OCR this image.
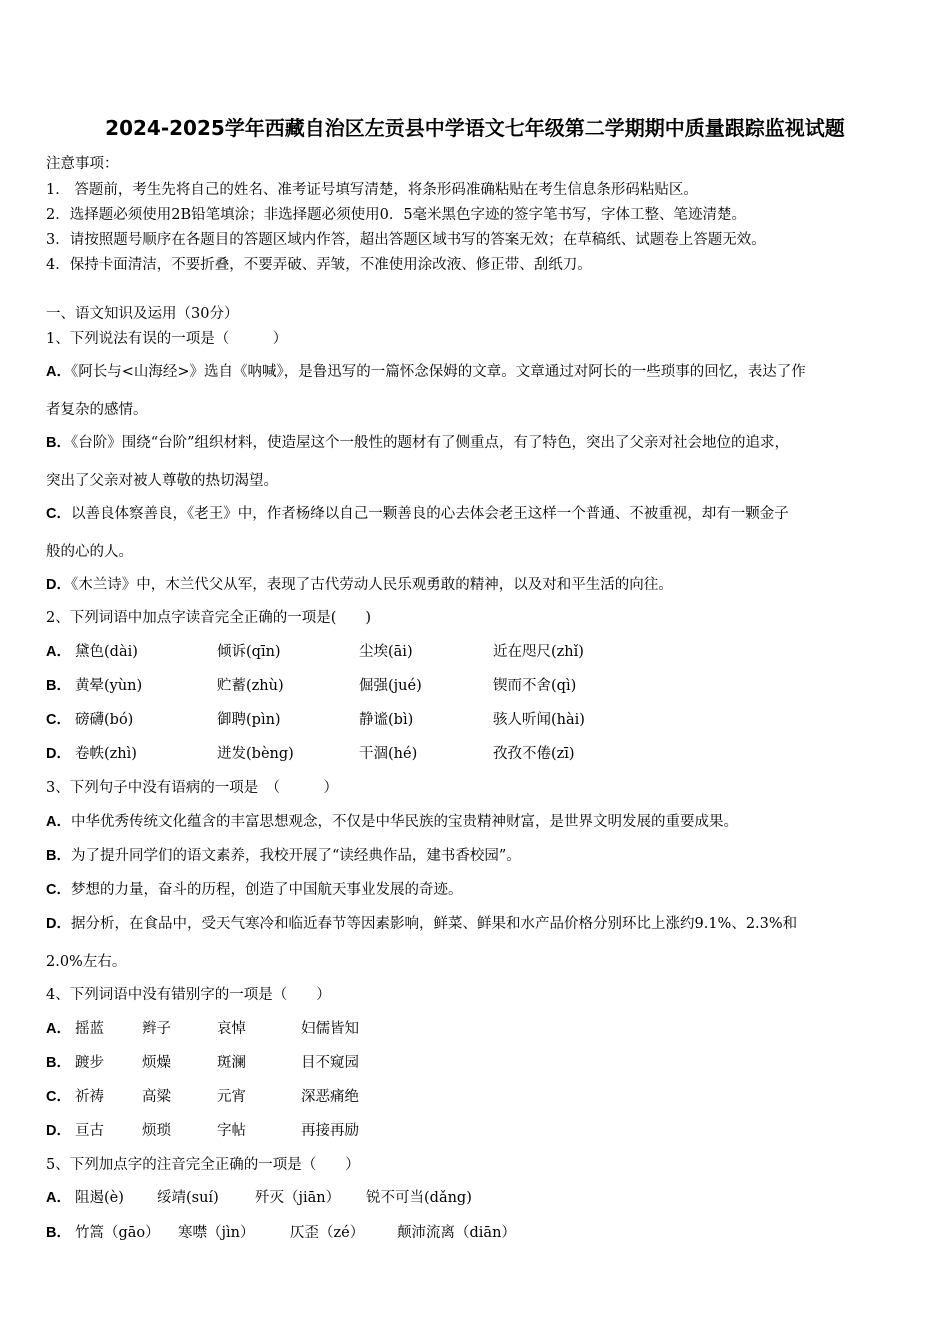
2024-2025学年西藏自治区左贡县中学语文七年级第二学期期中质量跟踪监视试题
注意事项：
1． 答题前，考生先将自己的姓名、准考证号填写清楚，将条形码准确粘贴在考生信息条形码粘贴区。
2．选择题必须使用2B铅笔填涂；非选择题必须使用0．5毫米黑色字迹的签字笔书写，字体工整、笔迹清楚。
3．请按照题号顺序在各题目的答题区域内作答，超出答题区域书写的答案无效；在草稿纸、试题卷上答题无效。
4．保持卡面清洁，不要折叠，不要弄破、弄皱，不准使用涂改液、修正带、刮纸刀。
一、语文知识及运用（30分）
1、下列说法有误的一项是（　　　）
A．《阿长与<山海经>》选自《呐喊》，是鲁迅写的一篇怀念保姆的文章。文章通过对阿长的一些琐事的回忆，表达了作
者复杂的感情。
B．《台阶》围绕“台阶”组织材料，使造屋这个一般性的题材有了侧重点，有了特色，突出了父亲对社会地位的追求，
突出了父亲对被人尊敬的热切渴望。
C．以善良体察善良，《老王》中，作者杨绛以自己一颗善良的心去体会老王这样一个普通、不被重视，却有一颗金子
般的心的人。
D．《木兰诗》中，木兰代父从军，表现了古代劳动人民乐观勇敢的精神，以及对和平生活的向往。
2、下列词语中加点字读音完全正确的一项是(　　)
A． 黛色(dài)	倾诉(qīn)	尘埃(āi)	近在咫尺(zhǐ)
B． 黄晕(yùn)	贮蓄(zhù)	倔强(jué)	锲而不舍(qì)
C． 磅礴(bó)	御聘(pìn)	静谧(bì)	骇人听闻(hài)
D． 卷帙(zhì)	迸发(bèng)	干涸(hé)	孜孜不倦(zī)
3、下列句子中没有语病的一项是　（　　　）
A．中华优秀传统文化蕴含的丰富思想观念，不仅是中华民族的宝贵精神财富，是世界文明发展的重要成果。
B．为了提升同学们的语文素养，我校开展了“读经典作品，建书香校园”。
C．梦想的力量，奋斗的历程，创造了中国航天事业发展的奇迹。
D．据分析，在食品中，受天气寒冷和临近春节等因素影响，鲜菜、鲜果和水产品价格分别环比上涨约9.1%、2.3%和
2.0%左右。
4、下列词语中没有错别字的一项是（　　）
A． 摇蓝	辫子	哀悼	妇儒皆知
B． 踱步	烦燥	斑澜	目不窥园
C． 祈祷	高粱	元宵	深恶痛绝
D． 亘古	烦琐	字帖	再接再励
5、下列加点字的注音完全正确的一项是（　　）
A． 阻遏(è) 绥靖(suí)	歼灭（jiān） 锐不可当(dǎng)
B． 竹篙（gāo） 寒噤（jìn） 仄歪（zé） 颠沛流离（diān）
